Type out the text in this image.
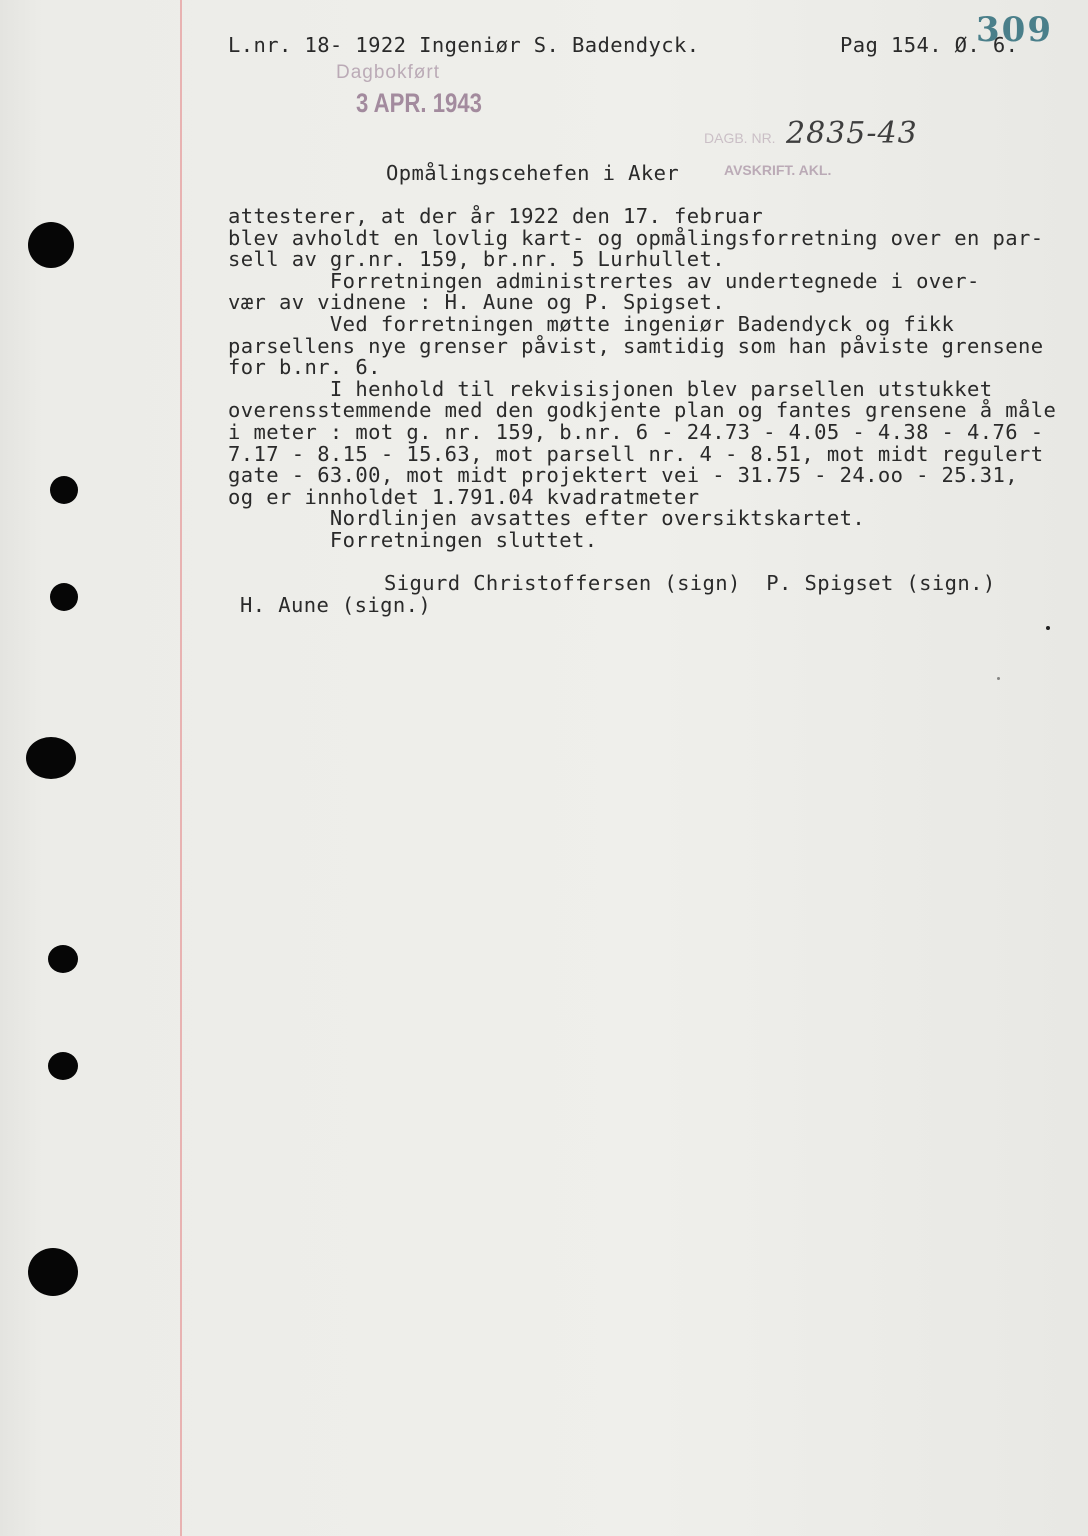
L.nr. 18- 1922 Ingeniør S. Badendyck.	Pag 154. Ø. 6.
309
Dagbokført
3 APR. 1943
DAGB. NR.
AVSKRIFT. AKL.
2835-43
Opmålingscehefen i Aker
attesterer, at der år 1922 den 17. februar
blev avholdt en lovlig kart- og opmålingsforretning over en par-
sell av gr.nr. 159, br.nr. 5 Lurhullet.
Forretningen administrertes av undertegnede i over-
vær av vidnene : H. Aune og P. Spigset.
Ved forretningen møtte ingeniør Badendyck og fikk
parsellens nye grenser påvist, samtidig som han påviste grensene
for b.nr. 6.
I henhold til rekvisisjonen blev parsellen utstukket
overensstemmende med den godkjente plan og fantes grensene å måle
i meter : mot g. nr. 159, b.nr. 6 - 24.73 - 4.05 - 4.38 - 4.76 -
7.17 - 8.15 - 15.63, mot parsell nr. 4 - 8.51, mot midt regulert
gate - 63.00, mot midt projektert vei - 31.75 - 24.oo - 25.31,
og er innholdet 1.791.04 kvadratmeter
Nordlinjen avsattes efter oversiktskartet.
Forretningen sluttet.
Sigurd Christoffersen (sign)  P. Spigset (sign.)
H. Aune (sign.)
